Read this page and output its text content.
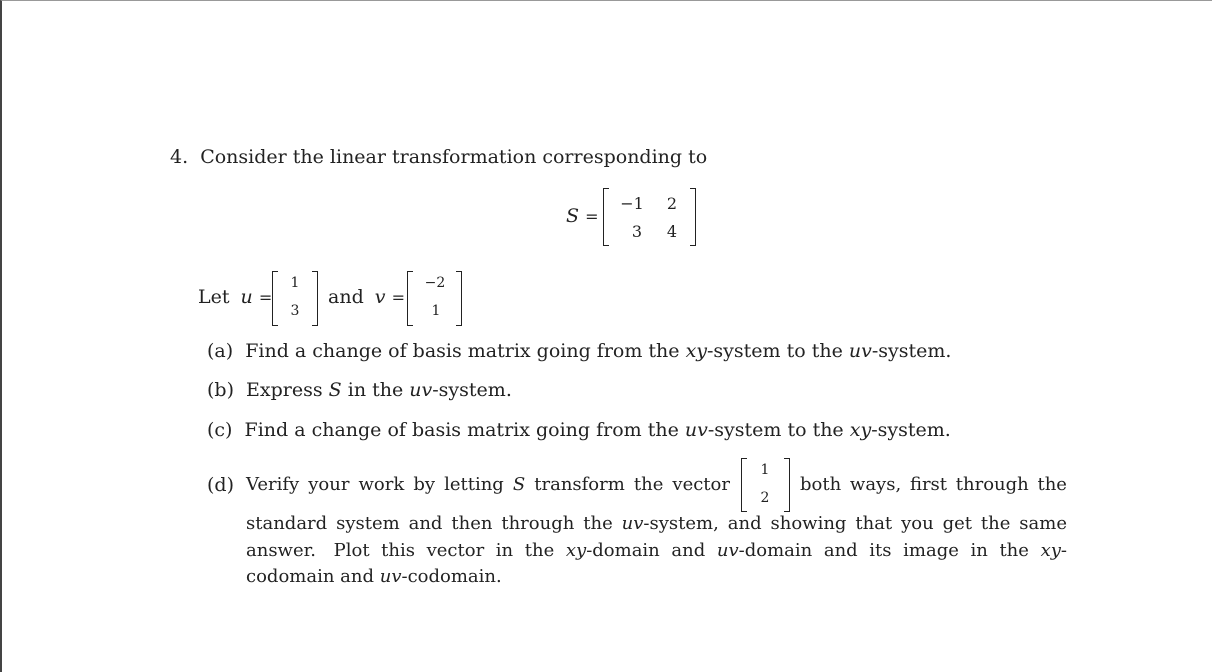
4. Consider the linear transformation corresponding to
S =
−1	2
3	4
Let u =
1
3
and v =
−2
1
(a) Find a change of basis matrix going from the xy-system to the uv-system.
(b) Express S in the uv-system.
(c) Find a change of basis matrix going from the uv-system to the xy-system.
(d) Verify your work by letting S transform the vector
1
2
both ways, first through the
standard system and then through the uv-system, and showing that you get the same
answer. Plot this vector in the xy-domain and uv-domain and its image in the xy-
codomain and uv-codomain.
